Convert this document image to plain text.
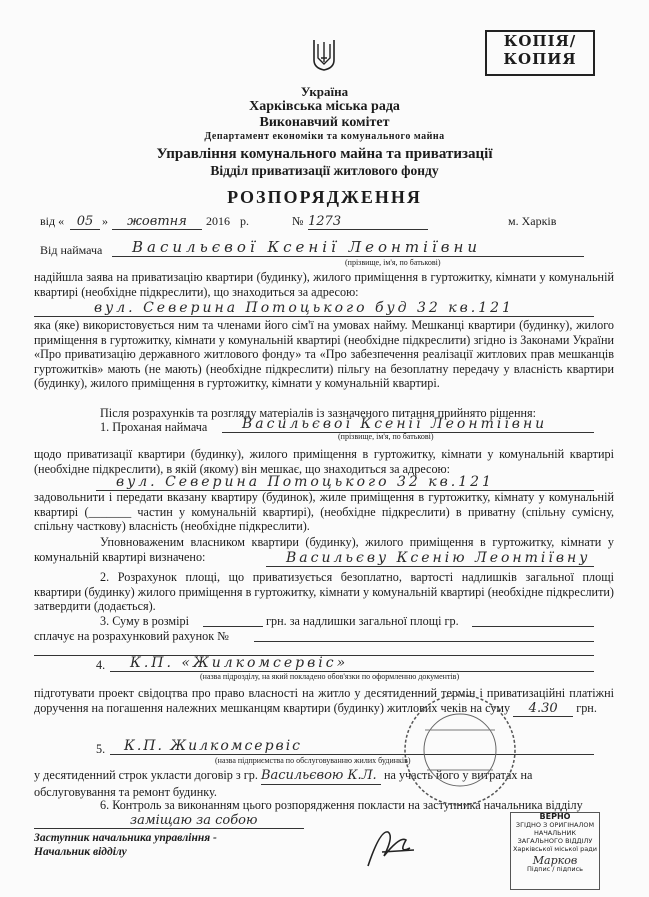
КОПІЯ/
КОПИЯ
Україна
Харківська міська рада
Виконавчий комітет
Департамент економіки та комунального майна
Управління комунального майна та приватизації
Відділ приватизації житлового фонду
РОЗПОРЯДЖЕННЯ
від « 05 »	жовтня	2016 р.	№ 1273	м. Харків
Від наймача	Васильєвої Ксенії Леонтіївни
(прізвище, ім'я, по батькові)
надійшла заява на приватизацію квартири (будинку), жилого приміщення в гуртожитку, кімнати у комунальній квартирі (необхідне підкреслити), що знаходиться за адресою:
вул. Северина Потоцького буд 32 кв.121
яка (яке) використовується ним та членами його сім'ї на умовах найму. Мешканці квартири (будинку), жилого приміщення в гуртожитку, кімнати у комунальній квартирі (необхідне підкреслити) згідно із Законами України «Про приватизацію державного житлового фонду» та «Про забезпечення реалізації житлових прав мешканців гуртожитків» мають (не мають) (необхідне підкреслити) пільгу на безоплатну передачу у власність квартири (будинку), жилого приміщення в гуртожитку, кімнати у комунальній квартирі.
Після розрахунків та розгляду матеріалів із зазначеного питання прийнято рішення:
1. Проханая наймача	Васильєвої Ксенії Леонтіївни
(прізвище, ім'я, по батькові)
щодо приватизації квартири (будинку), жилого приміщення в гуртожитку, кімнати у комунальній квартирі (необхідне підкреслити), в якій (якому) він мешкає, що знаходиться за адресою:
вул. Северина Потоцького 32 кв.121
задовольнити і передати вказану квартиру (будинок), жиле приміщення в гуртожитку, кімнату у комунальній квартирі (_______ частин у комунальній квартирі), (необхідне підкреслити) в приватну (спільну сумісну, спільну часткову) власність (необхідне підкреслити).
Уповноваженим власником квартири (будинку), жилого приміщення в гуртожитку, кімнати у комунальній квартирі визначено:	Васильєву Ксенію Леонтіївну
2. Розрахунок площі, що приватизується безоплатно, вартості надлишків загальної площі квартири (будинку) жилого приміщення в гуртожитку, кімнати у комунальній квартирі (необхідне підкреслити) затвердити (додається).
3. Суму в розмірі	грн. за надлишки загальної площі гр.
сплачує на розрахунковий рахунок №
4.	К.П. «Жилкомсервіс»
(назва підрозділу, на який покладено обов'язки по оформленню документів)
підготувати проект свідоцтва про право власності на житло у десятиденний термін і приватизаційні платіжні доручення на погашення належних мешканцям квартири (будинку) житлових чеків на суму 4.30 грн.
5.	К.П. Жилкомсервіс
(назва підприємства по обслуговуванню жилих будинків)
у десятиденний строк укласти договір з гр. Васильєвою К.Л. на участь його у витратах на обслуговування та ремонт будинку.
6. Контроль за виконанням цього розпорядження покласти на заступника начальника відділу заміщаю за собою
Заступник начальника управління -
Начальник відділу
ВЕРНО
ЗГІДНО З ОРИГІНАЛОМ
НАЧАЛЬНИК ЗАГАЛЬНОГО ВІДДІЛУ
Харківської міської ради
Марков
Підпис / підпись
